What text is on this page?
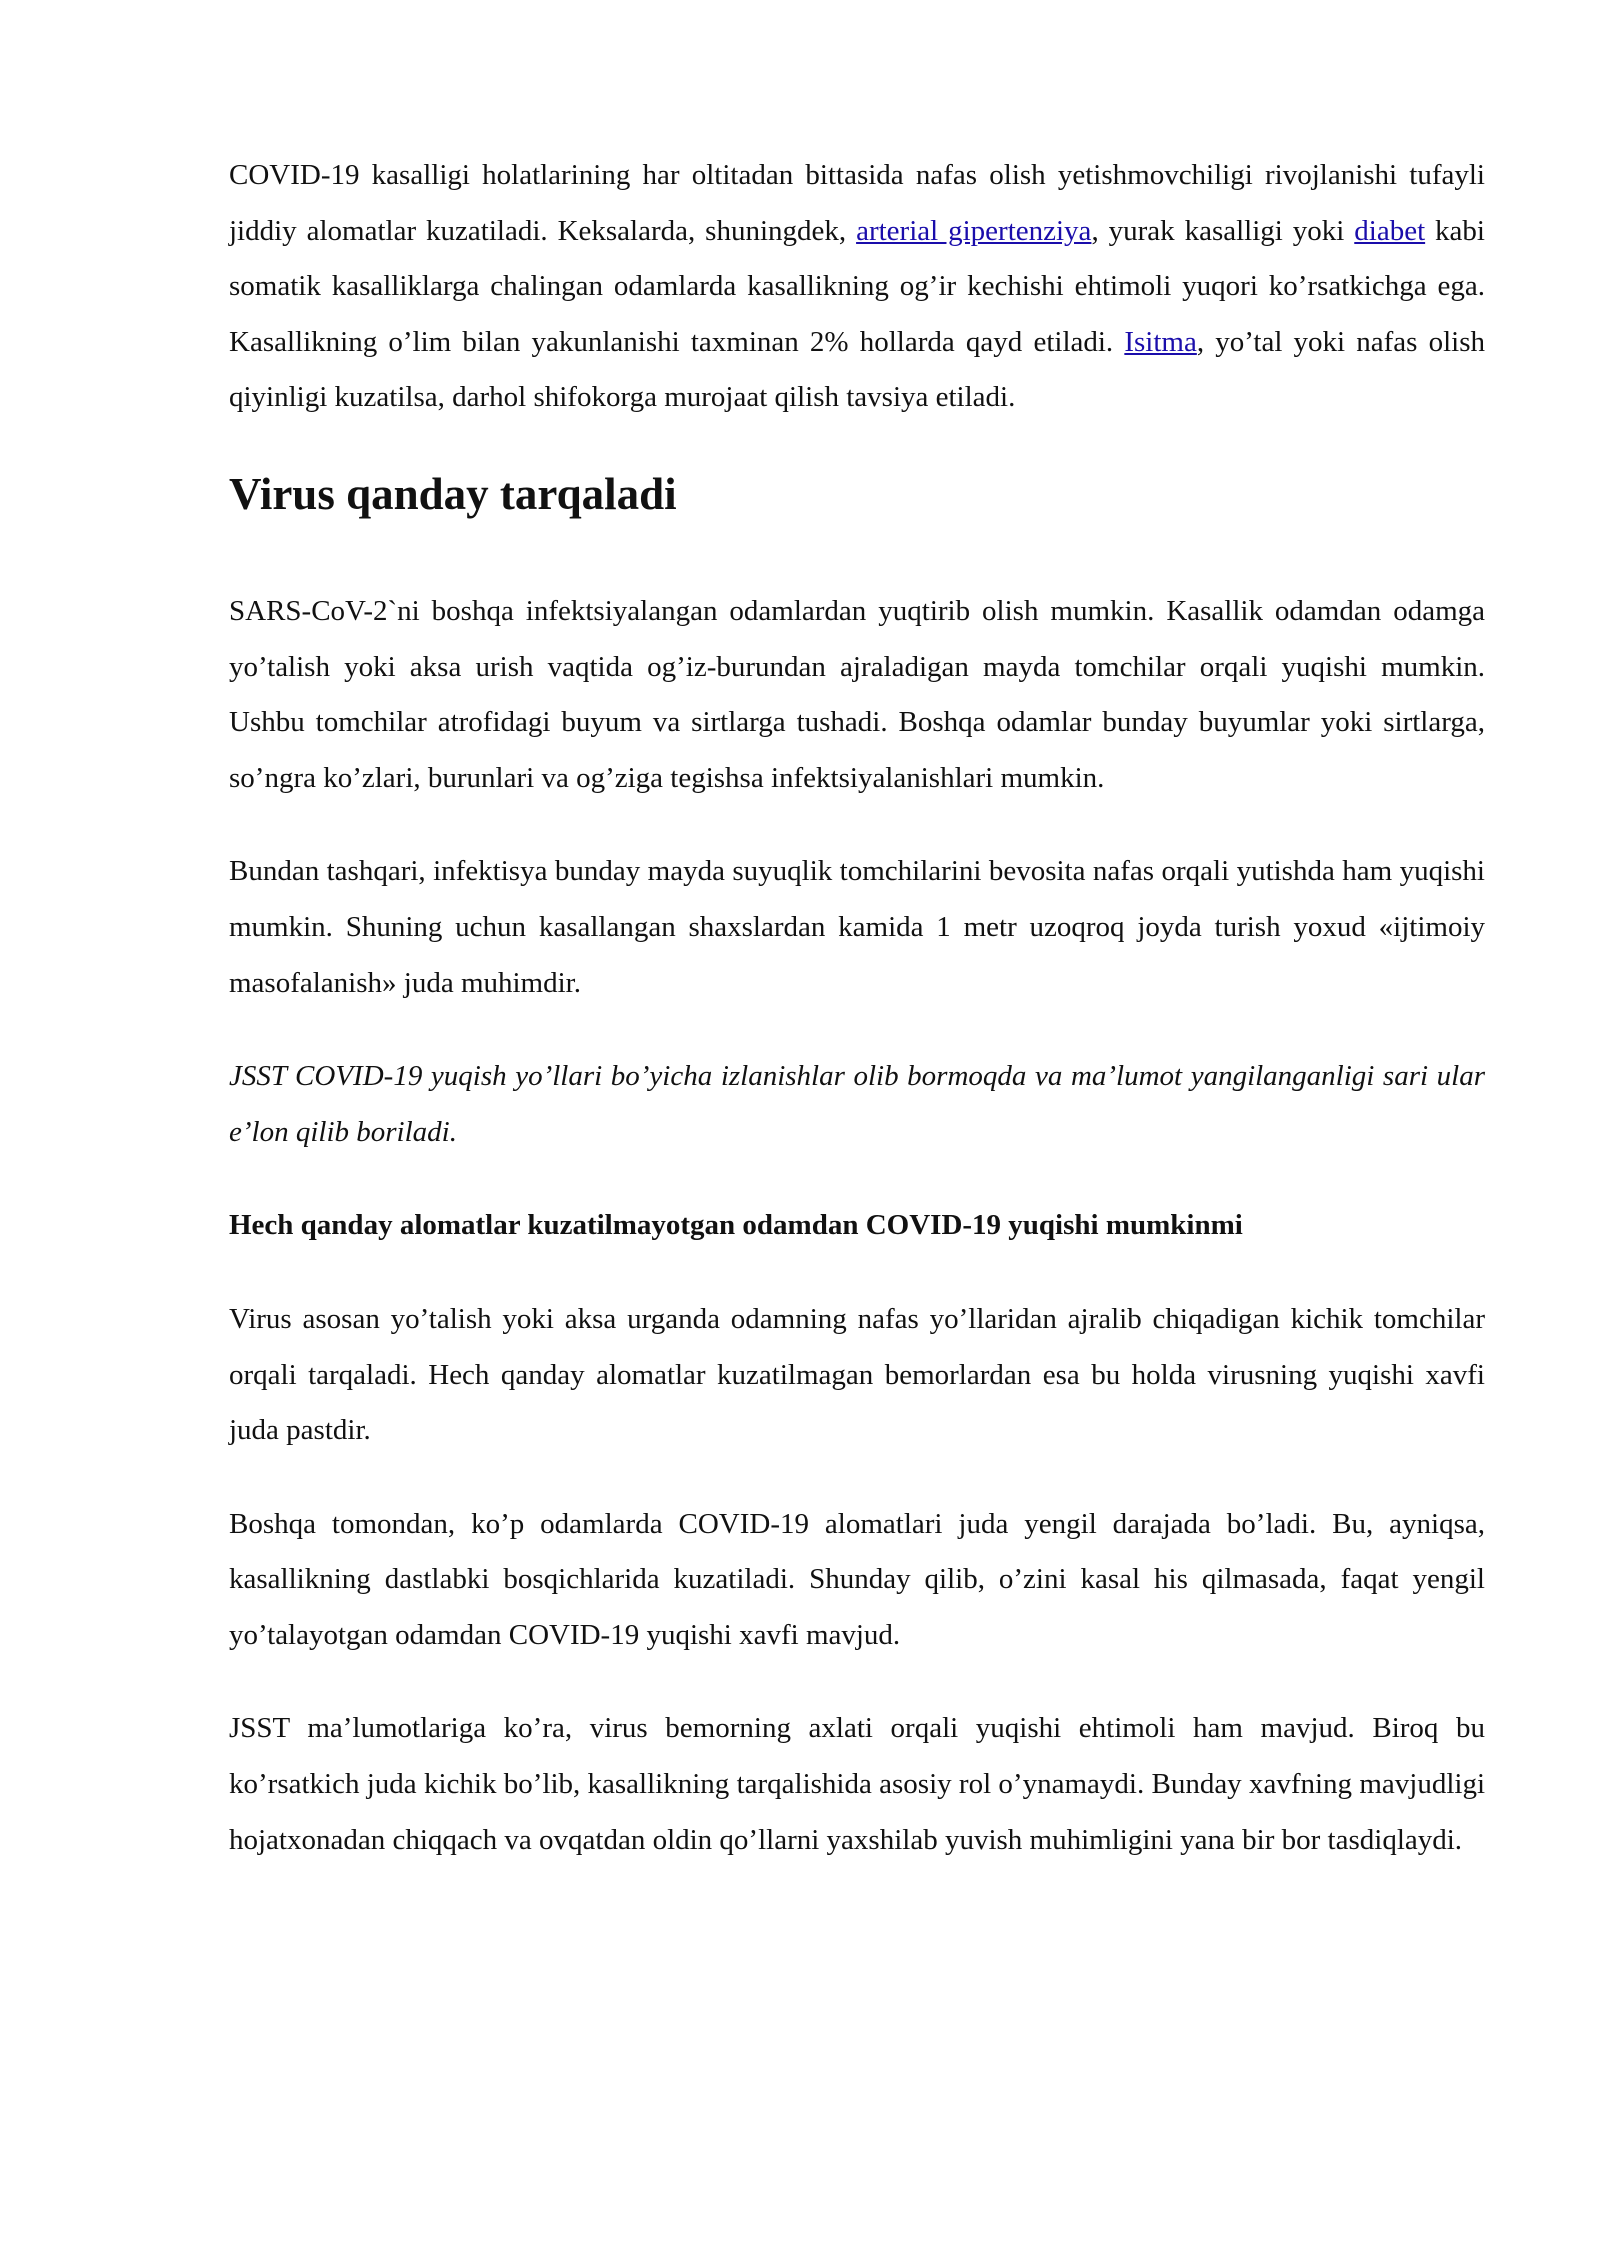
COVID-19 kasalligi holatlarining har oltitadan bittasida nafas olish yetishmovchiligi rivojlanishi tufayli jiddiy alomatlar kuzatiladi. Keksalarda, shuningdek, arterial gipertenziya, yurak kasalligi yoki diabet kabi somatik kasalliklarga chalingan odamlarda kasallikning og’ir kechishi ehtimoli yuqori ko’rsatkichga ega. Kasallikning o’lim bilan yakunlanishi taxminan 2% hollarda qayd etiladi. Isitma, yo’tal yoki nafas olish qiyinligi kuzatilsa, darhol shifokorga murojaat qilish tavsiya etiladi.

Virus qanday tarqaladi

SARS-CoV-2`ni boshqa infektsiyalangan odamlardan yuqtirib olish mumkin. Kasallik odamdan odamga yo’talish yoki aksa urish vaqtida og’iz-burundan ajraladigan mayda tomchilar orqali yuqishi mumkin. Ushbu tomchilar atrofidagi buyum va sirtlarga tushadi. Boshqa odamlar bunday buyumlar yoki sirtlarga, so’ngra ko’zlari, burunlari va og’ziga tegishsa infektsiyalanishlari mumkin.

Bundan tashqari, infektisya bunday mayda suyuqlik tomchilarini bevosita nafas orqali yutishda ham yuqishi mumkin. Shuning uchun kasallangan shaxslardan kamida 1 metr uzoqroq joyda turish yoxud «ijtimoiy masofalanish» juda muhimdir.

JSST COVID-19 yuqish yo’llari bo’yicha izlanishlar olib bormoqda va ma’lumot yangilanganligi sari ular e’lon qilib boriladi.

Hech qanday alomatlar kuzatilmayotgan odamdan COVID-19 yuqishi mumkinmi

Virus asosan yo’talish yoki aksa urganda odamning nafas yo’llaridan ajralib chiqadigan kichik tomchilar orqali tarqaladi. Hech qanday alomatlar kuzatilmagan bemorlardan esa bu holda virusning yuqishi xavfi juda pastdir.

Boshqa tomondan, ko’p odamlarda COVID-19 alomatlari juda yengil darajada bo’ladi. Bu, ayniqsa, kasallikning dastlabki bosqichlarida kuzatiladi. Shunday qilib, o’zini kasal his qilmasada, faqat yengil yo’talayotgan odamdan COVID-19 yuqishi xavfi mavjud.

JSST ma’lumotlariga ko’ra, virus bemorning axlati orqali yuqishi ehtimoli ham mavjud. Biroq bu ko’rsatkich juda kichik bo’lib, kasallikning tarqalishida asosiy rol o’ynamaydi. Bunday xavfning mavjudligi hojatxonadan chiqqach va ovqatdan oldin qo’llarni yaxshilab yuvish muhimligini yana bir bor tasdiqlaydi.
